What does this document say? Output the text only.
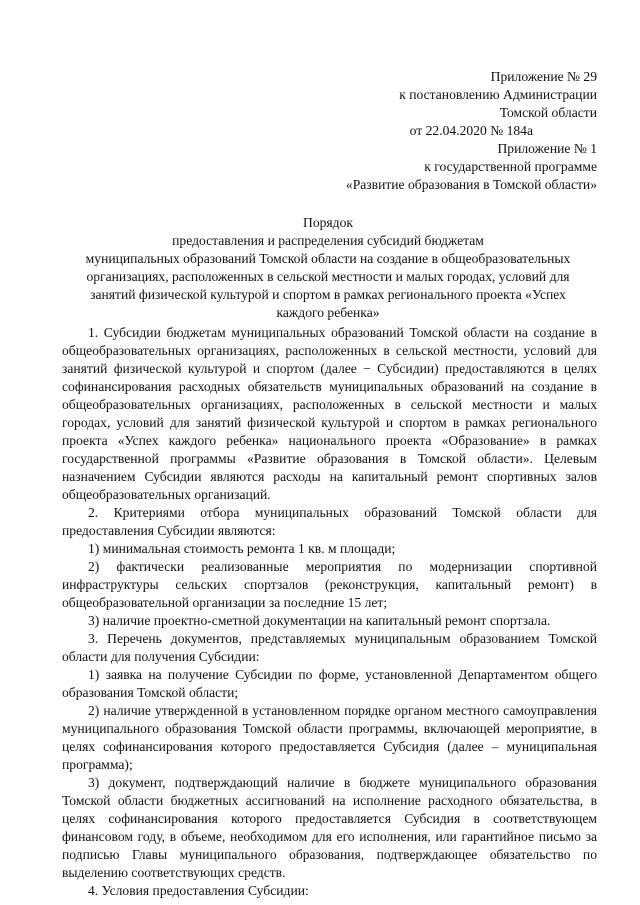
Приложение № 29
к постановлению Администрации
Томской области
от 22.04.2020 № 184а
Приложение № 1
к государственной программе
«Развитие образования в Томской области»
Порядок
предоставления и распределения субсидий бюджетам
муниципальных образований Томской области на создание в общеобразовательных
организациях, расположенных в сельской местности и малых городах, условий для
занятий физической культурой и спортом в рамках регионального проекта «Успех
каждого ребенка»

1. Субсидии бюджетам муниципальных образований Томской области на создание в общеобразовательных организациях, расположенных в сельской местности, условий для занятий физической культурой и спортом (далее − Субсидии) предоставляются в целях софинансирования расходных обязательств муниципальных образований на создание в общеобразовательных организациях, расположенных в сельской местности и малых городах, условий для занятий физической культурой и спортом в рамках регионального проекта «Успех каждого ребенка» национального проекта «Образование» в рамках государственной программы «Развитие образования в Томской области». Целевым назначением Субсидии являются расходы на капитальный ремонт спортивных залов общеобразовательных организаций.

2. Критериями отбора муниципальных образований Томской области для предоставления Субсидии являются:

1) минимальная стоимость ремонта 1 кв. м площади;

2) фактически реализованные мероприятия по модернизации спортивной инфраструктуры сельских спортзалов (реконструкция, капитальный ремонт) в общеобразовательной организации за последние 15 лет;

3) наличие проектно-сметной документации на капитальный ремонт спортзала.

3. Перечень документов, представляемых муниципальным образованием Томской области для получения Субсидии:

1) заявка на получение Субсидии по форме, установленной Департаментом общего образования Томской области;

2) наличие утвержденной в установленном порядке органом местного самоуправления муниципального образования Томской области программы, включающей мероприятие, в целях софинансирования которого предоставляется Субсидия (далее – муниципальная программа);

3) документ, подтверждающий наличие в бюджете муниципального образования Томской области бюджетных ассигнований на исполнение расходного обязательства, в целях софинансирования которого предоставляется Субсидия в соответствующем финансовом году, в объеме, необходимом для его исполнения, или гарантийное письмо за подписью Главы муниципального образования, подтверждающее обязательство по выделению соответствующих средств.

4. Условия предоставления Субсидии:
